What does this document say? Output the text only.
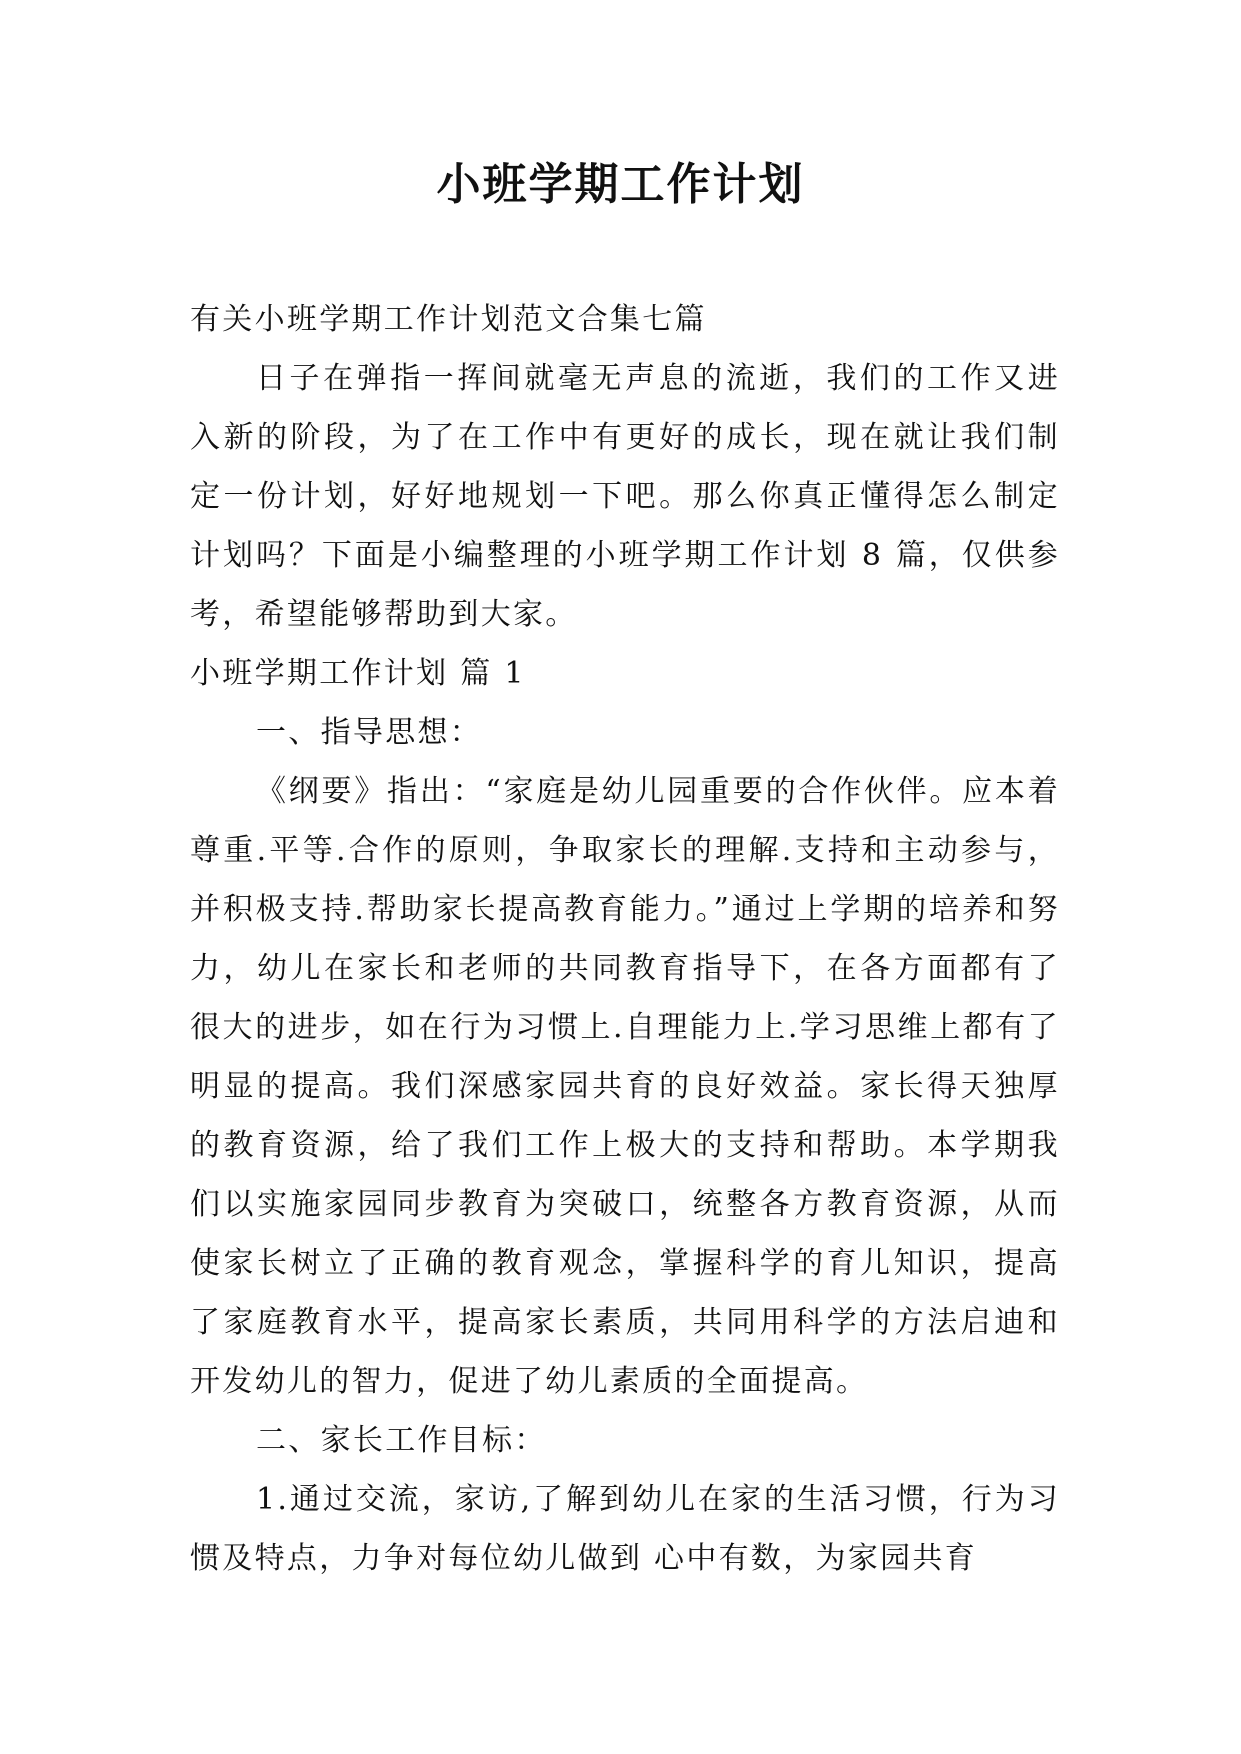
小班学期工作计划

有关小班学期工作计划范文合集七篇

日子在弹指一挥间就毫无声息的流逝，我们的工作又进入新的阶段，为了在工作中有更好的成长，现在就让我们制定一份计划，好好地规划一下吧。那么你真正懂得怎么制定计划吗？下面是小编整理的小班学期工作计划 8 篇，仅供参考，希望能够帮助到大家。

小班学期工作计划 篇 1

一、指导思想：

《纲要》指出：“家庭是幼儿园重要的合作伙伴。应本着尊重.平等.合作的原则，争取家长的理解.支持和主动参与，并积极支持.帮助家长提高教育能力。”通过上学期的培养和努力，幼儿在家长和老师的共同教育指导下，在各方面都有了很大的进步，如在行为习惯上.自理能力上.学习思维上都有了明显的提高。我们深感家园共育的良好效益。家长得天独厚的教育资源，给了我们工作上极大的支持和帮助。本学期我们以实施家园同步教育为突破口，统整各方教育资源，从而使家长树立了正确的教育观念，掌握科学的育儿知识，提高了家庭教育水平，提高家长素质，共同用科学的方法启迪和开发幼儿的智力，促进了幼儿素质的全面提高。

二、家长工作目标：

1.通过交流，家访,了解到幼儿在家的生活习惯，行为习惯及特点，力争对每位幼儿做到 心中有数，为家园共育
